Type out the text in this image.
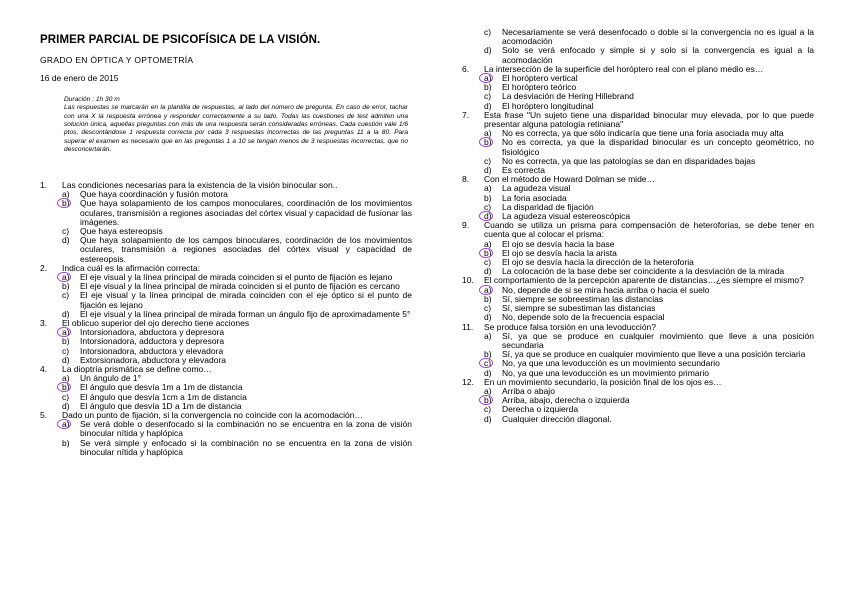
PRIMER PARCIAL DE PSICOFÍSICA DE LA VISIÓN.
GRADO EN ÓPTICA Y OPTOMETRÍA
16 de enero de 2015
Duración : 1h 30 m
Las respuestas se marcarán en la plantilla de respuestas, al lado del número de pregunta. En caso de error, tachar con una X la respuesta errónea y responder correctamente a su lado. Todas las cuestiones de test admiten una solución única, aquellas preguntas con más de una respuesta serán consideradas erróneas. Cada cuestión vale 1/6 ptos, descontándose 1 respuesta correcta por cada 3 respuestas incorrectas de las preguntas 11 a la 80. Para superar el examen es necesario que en las preguntas 1 a 10 se tengan menos de 3 respuestas incorrectas, que no desconcertarán.
1.	Las condiciones necesarias para la existencia de la visión binocular son..
a)	Que haya coordinación y fusión motora
b)	Que haya solapamiento de los campos monoculares, coordinación de los movimientos oculares, transmisión a regiones asociadas del córtex visual y capacidad de fusionar las imágenes.
c)	Que haya estereopsis
d)	Que haya solapamiento de los campos binoculares, coordinación de los movimientos oculares, transmisión a regiones asociadas del córtex visual y capacidad de estereopsis.
2.	Indica cuál es la afirmación correcta:
a)	El eje visual y la línea principal de mirada coinciden si el punto de fijación es lejano
b)	El eje visual y la línea principal de mirada coinciden si el punto de fijación es cercano
c)	El eje visual y la línea principal de mirada coinciden con el eje óptico si el punto de fijación es lejano
d)	El eje visual y la línea principal de mirada forman un ángulo fijo de aproximadamente 5°
3.	El oblicuo superior del ojo derecho tiene acciones
a)	Intorsionadora, abductora y depresora
b)	Intorsionadora, adductora y depresora
c)	Intorsionadora, abductora y elevadora
d)	Extorsionadora, abductora y elevadora
4.	La dioptría prismática se define como…
a)	Un ángulo de 1°
b)	El ángulo que desvía 1m a 1m de distancia
c)	El ángulo que desvía 1cm a 1m de distancia
d)	El ángulo que desvía 1D a 1m de distancia
5.	Dado un punto de fijación, si la convergencia no coincide con la acomodación…
a)	Se verá doble o desenfocado si la combinación no se encuentra en la zona de visión binocular nítida y haplópica
b)	Se verá simple y enfocado si la combinación no se encuentra en la zona de visión binocular nítida y haplópica
c)	Necesariamente se verá desenfocado o doble si la convergencia no es igual a la acomodación
d)	Solo se verá enfocado y simple si y solo si la convergencia es igual a la acomodación
6.	La intersección de la superficie del horóptero real con el plano medio es…
a)	El horóptero vertical
b)	El horóptero teórico
c)	La desviación de Hering Hillebrand
d)	El horóptero longitudinal
7.	Esta frase "Un sujeto tiene una disparidad binocular muy elevada, por lo que puede presentar alguna patología retiniana"
a)	No es correcta, ya que sólo indicaría que tiene una foria asociada muy alta
b)	No es correcta, ya que la disparidad binocular es un concepto geométrico, no fisiológico
c)	No es correcta, ya que las patologías se dan en disparidades bajas
d)	Es correcta
8.	Con el método de Howard Dolman se mide…
a)	La agudeza visual
b)	La foria asociada
c)	La disparidad de fijación
d)	La agudeza visual estereoscópica
9.	Cuando se utiliza un prisma para compensación de heteroforias, se debe tener en cuenta que al colocar el prisma:
a)	El ojo se desvía hacia la base
b)	El ojo se desvía hacia la arista
c)	El ojo se desvía hacia la dirección de la heteroforia
d)	La colocación de la base debe ser coincidente a la desviación de la mirada
10.	El comportamiento de la percepción aparente de distancias…¿es siempre el mismo?
a)	No, depende de si se mira hacia arriba o hacia el suelo
b)	Sí, siempre se sobreestiman las distancias
c)	Sí, siempre se subestiman las distancias
d)	No, depende solo de la frecuencia espacial
11.	Se produce falsa torsión en una levoducción?
a)	Sí, ya que se produce en cualquier movimiento que lleve a una posición secundaria
b)	Sí, ya que se produce en cualquier movimiento que lleve a una posición terciaria
c)	No, ya que una levoducción es un movimiento secundario
d)	No, ya que una levoducción es un movimiento primario
12.	En un movimiento secundario, la posición final de los ojos es…
a)	Arriba o abajo
b)	Arriba, abajo, derecha o izquierda
c)	Derecha o izquierda
d)	Cualquier dirección diagonal.
